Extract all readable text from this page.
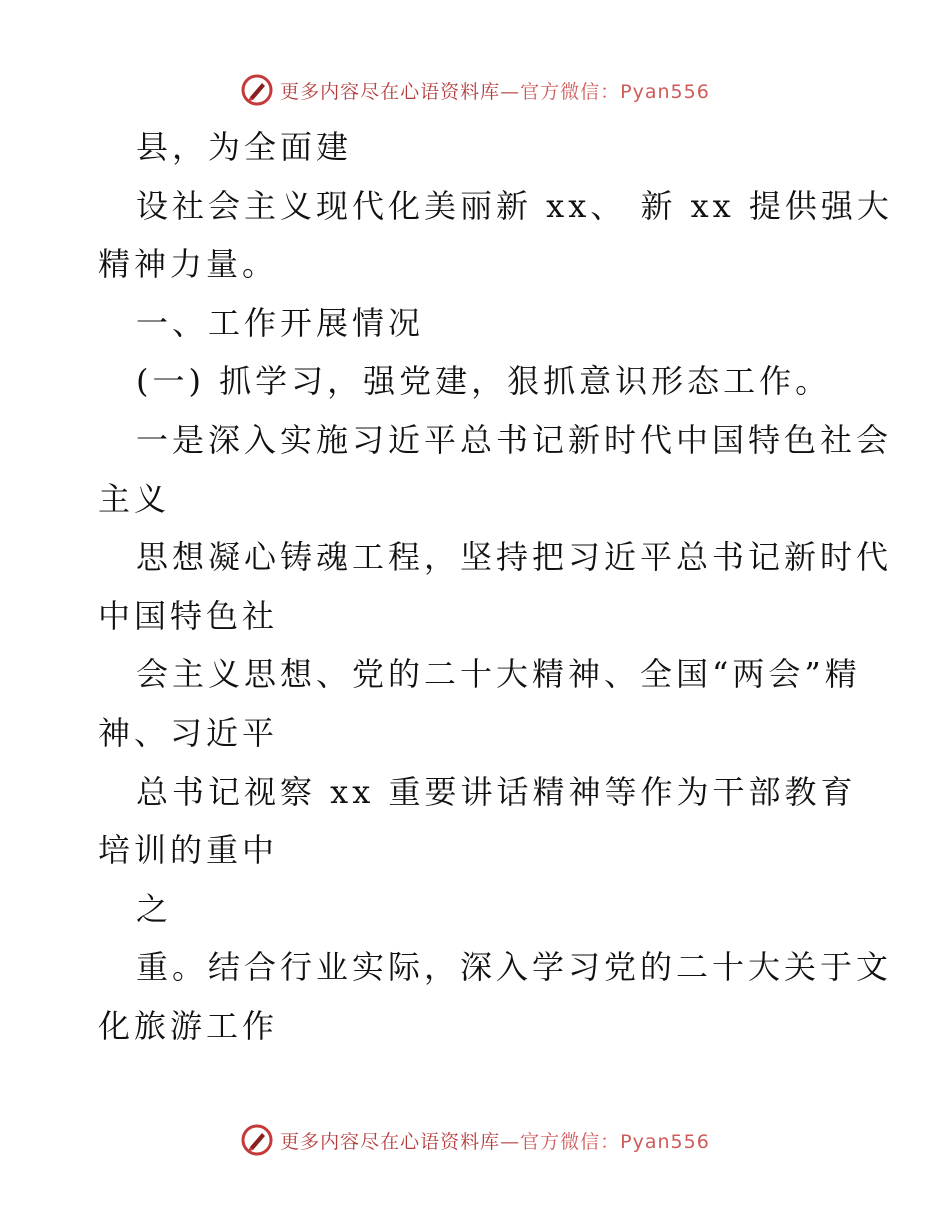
更多内容尽在心语资料库—官方微信：Pyan556
县，为全面建
设社会主义现代化美丽新 xx、 新 xx 提供强大
精神力量。
一、工作开展情况
(一) 抓学习，强党建，狠抓意识形态工作。
一是深入实施习近平总书记新时代中国特色社会
主义
思想凝心铸魂工程，坚持把习近平总书记新时代
中国特色社
会主义思想、党的二十大精神、全国“两会”精
神、习近平
总书记视察 xx 重要讲话精神等作为干部教育
培训的重中
之
重。结合行业实际，深入学习党的二十大关于文
化旅游工作
更多内容尽在心语资料库—官方微信：Pyan556
